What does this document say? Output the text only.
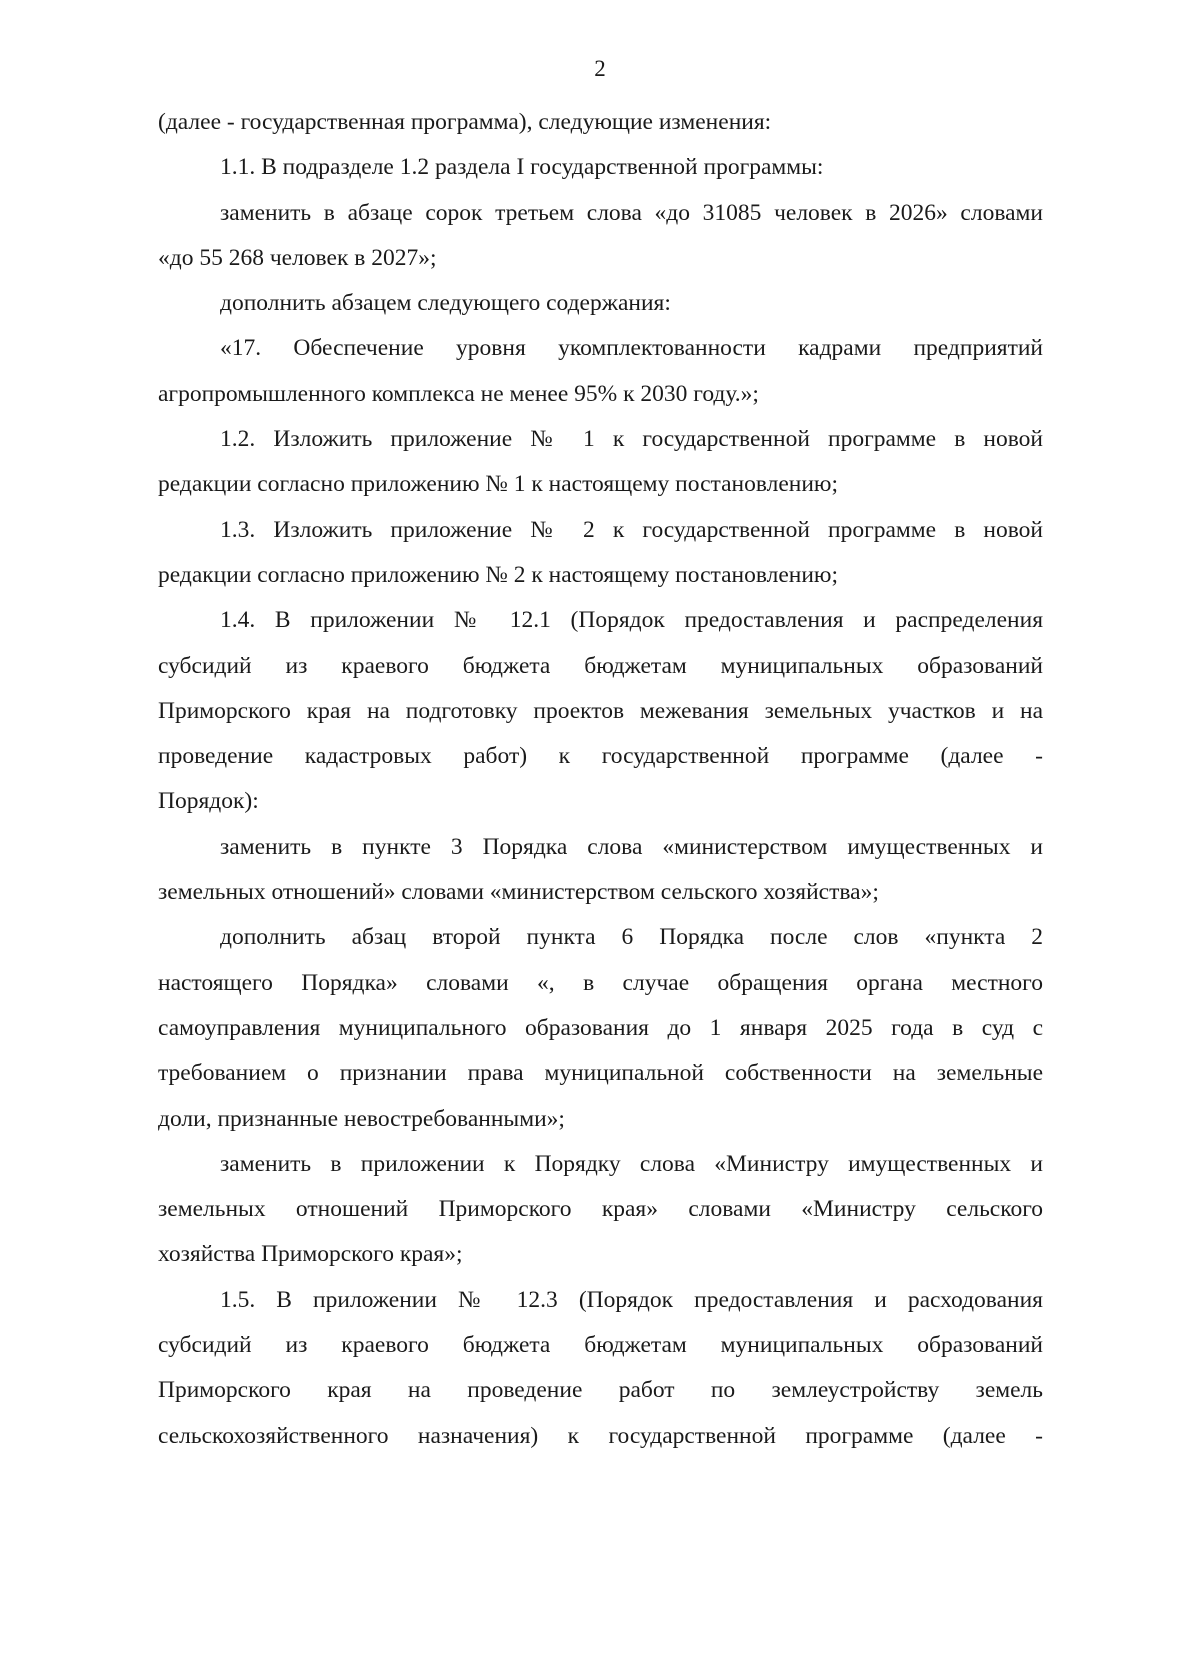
2

(далее - государственная программа), следующие изменения:

1.1. В подразделе 1.2 раздела I государственной программы:

заменить в абзаце сорок третьем слова «до 31085 человек в 2026» словами
«до 55 268 человек в 2027»;

дополнить абзацем следующего содержания:

«17. Обеспечение уровня укомплектованности кадрами предприятий
агропромышленного комплекса не менее 95% к 2030 году.»;

1.2. Изложить приложение № 1 к государственной программе в новой
редакции согласно приложению № 1 к настоящему постановлению;

1.3. Изложить приложение № 2 к государственной программе в новой
редакции согласно приложению № 2 к настоящему постановлению;

1.4. В приложении № 12.1 (Порядок предоставления и распределения
субсидий из краевого бюджета бюджетам муниципальных образований
Приморского края на подготовку проектов межевания земельных участков и на
проведение кадастровых работ) к государственной программе (далее -
Порядок):

заменить в пункте 3 Порядка слова «министерством имущественных и
земельных отношений» словами «министерством сельского хозяйства»;

дополнить абзац второй пункта 6 Порядка после слов «пункта 2
настоящего Порядка» словами «, в случае обращения органа местного
самоуправления муниципального образования до 1 января 2025 года в суд с
требованием о признании права муниципальной собственности на земельные
доли, признанные невостребованными»;

заменить в приложении к Порядку слова «Министру имущественных и
земельных отношений Приморского края» словами «Министру сельского
хозяйства Приморского края»;

1.5. В приложении № 12.3 (Порядок предоставления и расходования
субсидий из краевого бюджета бюджетам муниципальных образований
Приморского края на проведение работ по землеустройству земель
сельскохозяйственного назначения) к государственной программе (далее -
